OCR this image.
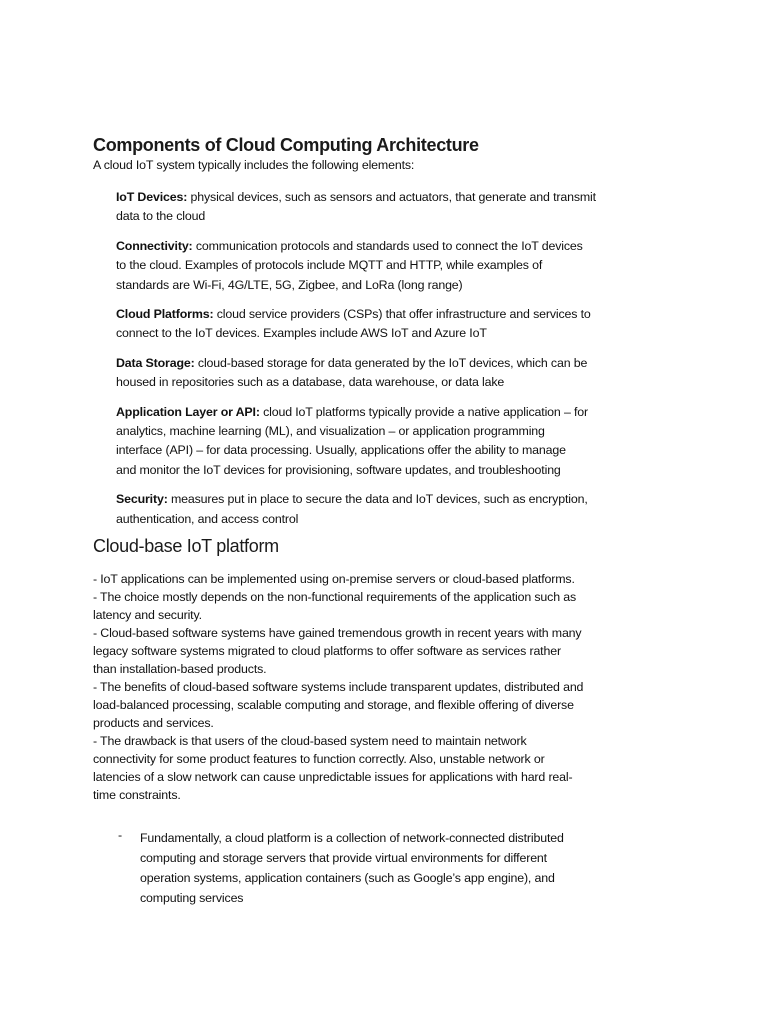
Components of Cloud Computing Architecture
A cloud IoT system typically includes the following elements:
IoT Devices: physical devices, such as sensors and actuators, that generate and transmit
data to the cloud
Connectivity: communication protocols and standards used to connect the IoT devices
to the cloud. Examples of protocols include MQTT and HTTP, while examples of
standards are Wi-Fi, 4G/LTE, 5G, Zigbee, and LoRa (long range)
Cloud Platforms: cloud service providers (CSPs) that offer infrastructure and services to
connect to the IoT devices. Examples include AWS IoT and Azure IoT
Data Storage: cloud-based storage for data generated by the IoT devices, which can be
housed in repositories such as a database, data warehouse, or data lake
Application Layer or API: cloud IoT platforms typically provide a native application – for
analytics, machine learning (ML), and visualization – or application programming
interface (API) – for data processing. Usually, applications offer the ability to manage
and monitor the IoT devices for provisioning, software updates, and troubleshooting
Security: measures put in place to secure the data and IoT devices, such as encryption,
authentication, and access control
Cloud-base IoT platform
- IoT applications can be implemented using on-premise servers or cloud-based platforms.
- The choice mostly depends on the non-functional requirements of the application such as
latency and security.
- Cloud-based software systems have gained tremendous growth in recent years with many
legacy software systems migrated to cloud platforms to offer software as services rather
than installation-based products.
- The benefits of cloud-based software systems include transparent updates, distributed and
load-balanced processing, scalable computing and storage, and flexible offering of diverse
products and services.
- The drawback is that users of the cloud-based system need to maintain network
connectivity for some product features to function correctly. Also, unstable network or
latencies of a slow network can cause unpredictable issues for applications with hard real-
time constraints.
- Fundamentally, a cloud platform is a collection of network-connected distributed
computing and storage servers that provide virtual environments for different
operation systems, application containers (such as Google’s app engine), and
computing services
